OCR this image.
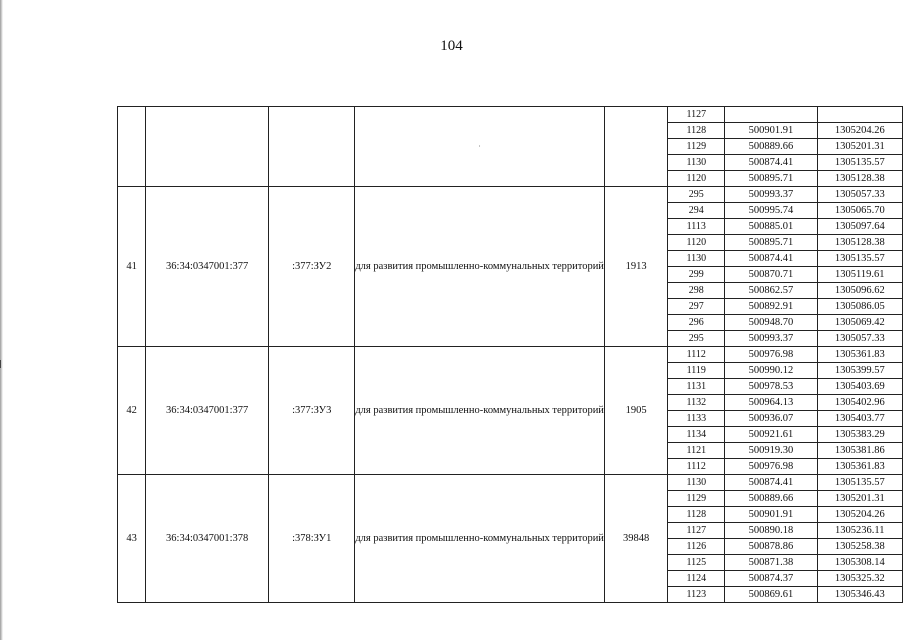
104
			·		1127		
					1128	500901.91	1305204.26
					1129	500889.66	1305201.31
					1130	500874.41	1305135.57
					1120	500895.71	1305128.38
41	36:34:0347001:377	:377:ЗУ2	для развития промышленно-коммунальных территорий	1913	295	500993.37	1305057.33
					294	500995.74	1305065.70
					1113	500885.01	1305097.64
					1120	500895.71	1305128.38
					1130	500874.41	1305135.57
					299	500870.71	1305119.61
					298	500862.57	1305096.62
					297	500892.91	1305086.05
					296	500948.70	1305069.42
					295	500993.37	1305057.33
42	36:34:0347001:377	:377:ЗУ3	для развития промышленно-коммунальных территорий	1905	1112	500976.98	1305361.83
					1119	500990.12	1305399.57
					1131	500978.53	1305403.69
					1132	500964.13	1305402.96
					1133	500936.07	1305403.77
					1134	500921.61	1305383.29
					1121	500919.30	1305381.86
					1112	500976.98	1305361.83
43	36:34:0347001:378	:378:ЗУ1	для развития промышленно-коммунальных территорий	39848	1130	500874.41	1305135.57
					1129	500889.66	1305201.31
					1128	500901.91	1305204.26
					1127	500890.18	1305236.11
					1126	500878.86	1305258.38
					1125	500871.38	1305308.14
					1124	500874.37	1305325.32
					1123	500869.61	1305346.43
